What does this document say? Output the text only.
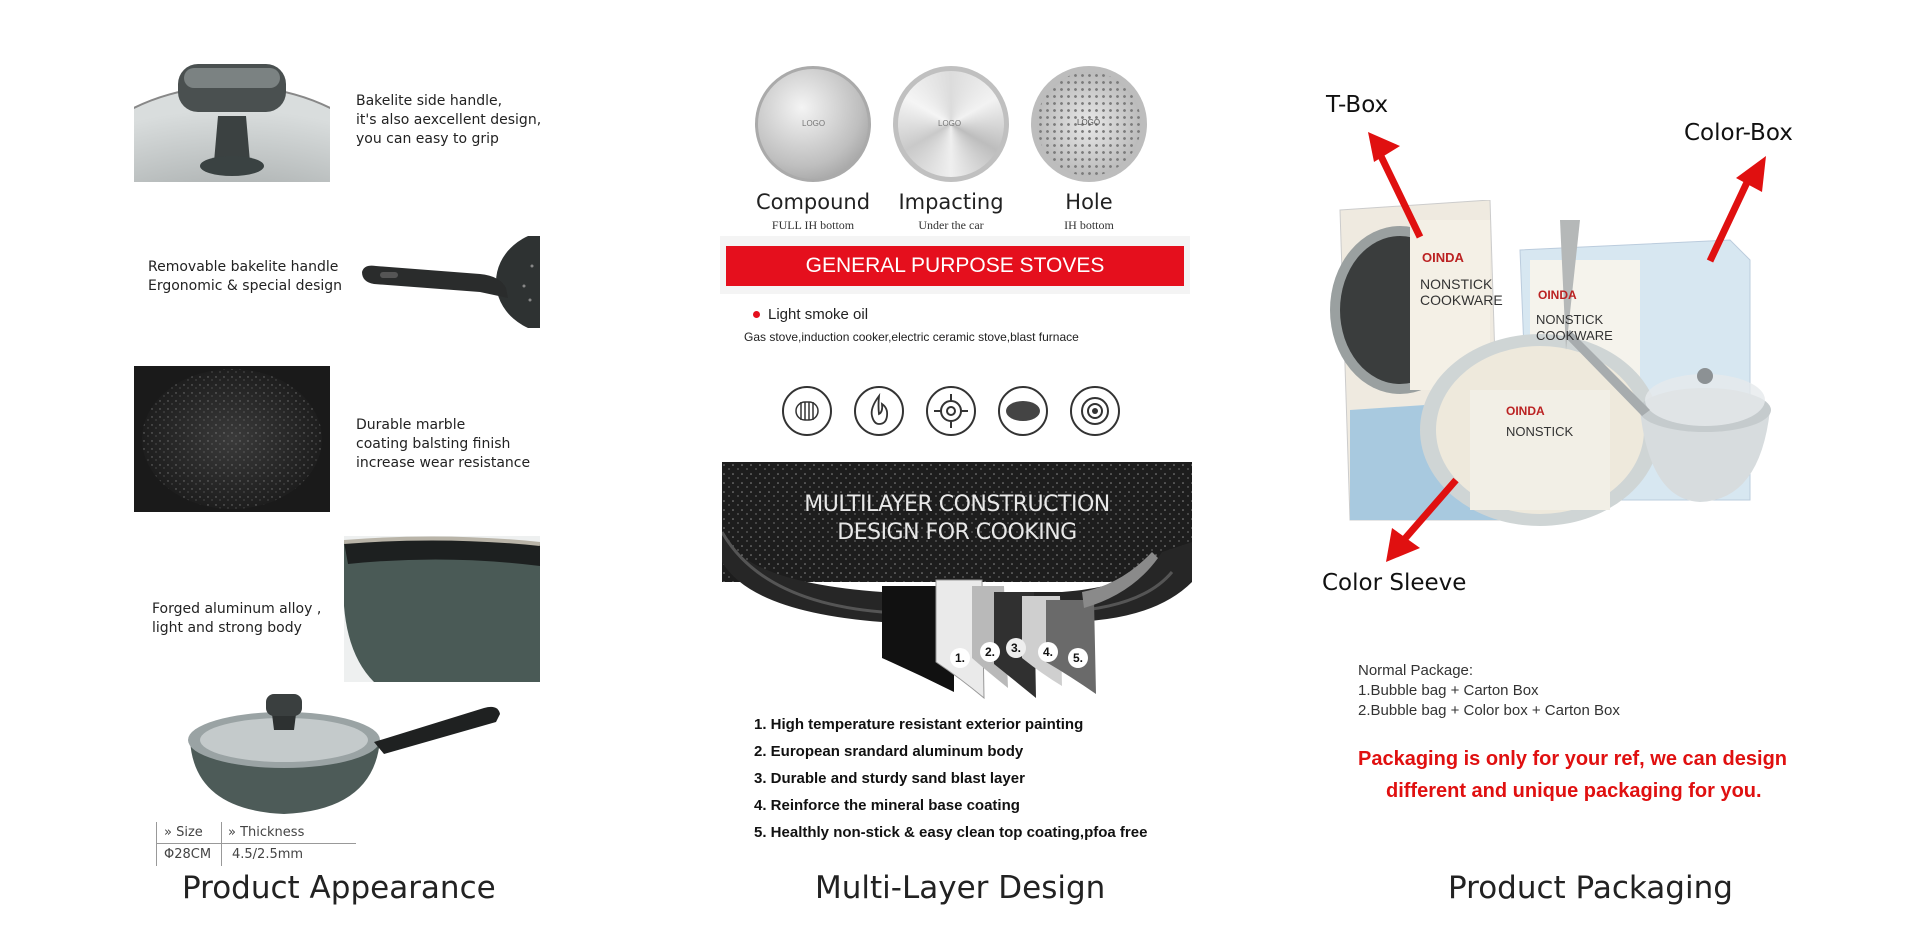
Bakelite side handle,
it's also aexcellent design,
you can easy to grip
Removable bakelite handle
Ergonomic & special design
Durable marble
coating balsting finish
increase wear resistance
Forged aluminum alloy ,
light and strong body
» Size » Thickness
Φ28CM 4.5/2.5mm
Product Appearance
LOGO	LOGO	LOGO
Compound
FULL IH bottom
Impacting
Under the car
Hole
IH bottom
GENERAL PURPOSE STOVES
Light smoke oil
Gas stove,induction cooker,electric ceramic stove,blast furnace
MULTILAYER CONSTRUCTION
DESIGN FOR COOKING
1.	2.	3.	4.	5.
1. High temperature resistant exterior painting
2. European srandard aluminum body
3. Durable and sturdy sand blast layer
4. Reinforce the mineral base coating
5. Healthly non-stick & easy clean top coating,pfoa free
Multi-Layer Design
T-Box
Color-Box
Color Sleeve
OINDA
NONSTICK
COOKWARE	OINDA
NONSTICK
COOKWARE
OINDA
NONSTICK
Normal Package:
1.Bubble bag + Carton Box
2.Bubble bag + Color box + Carton Box
Packaging is only for your ref, we can design
different and unique packaging for you.
Product Packaging
